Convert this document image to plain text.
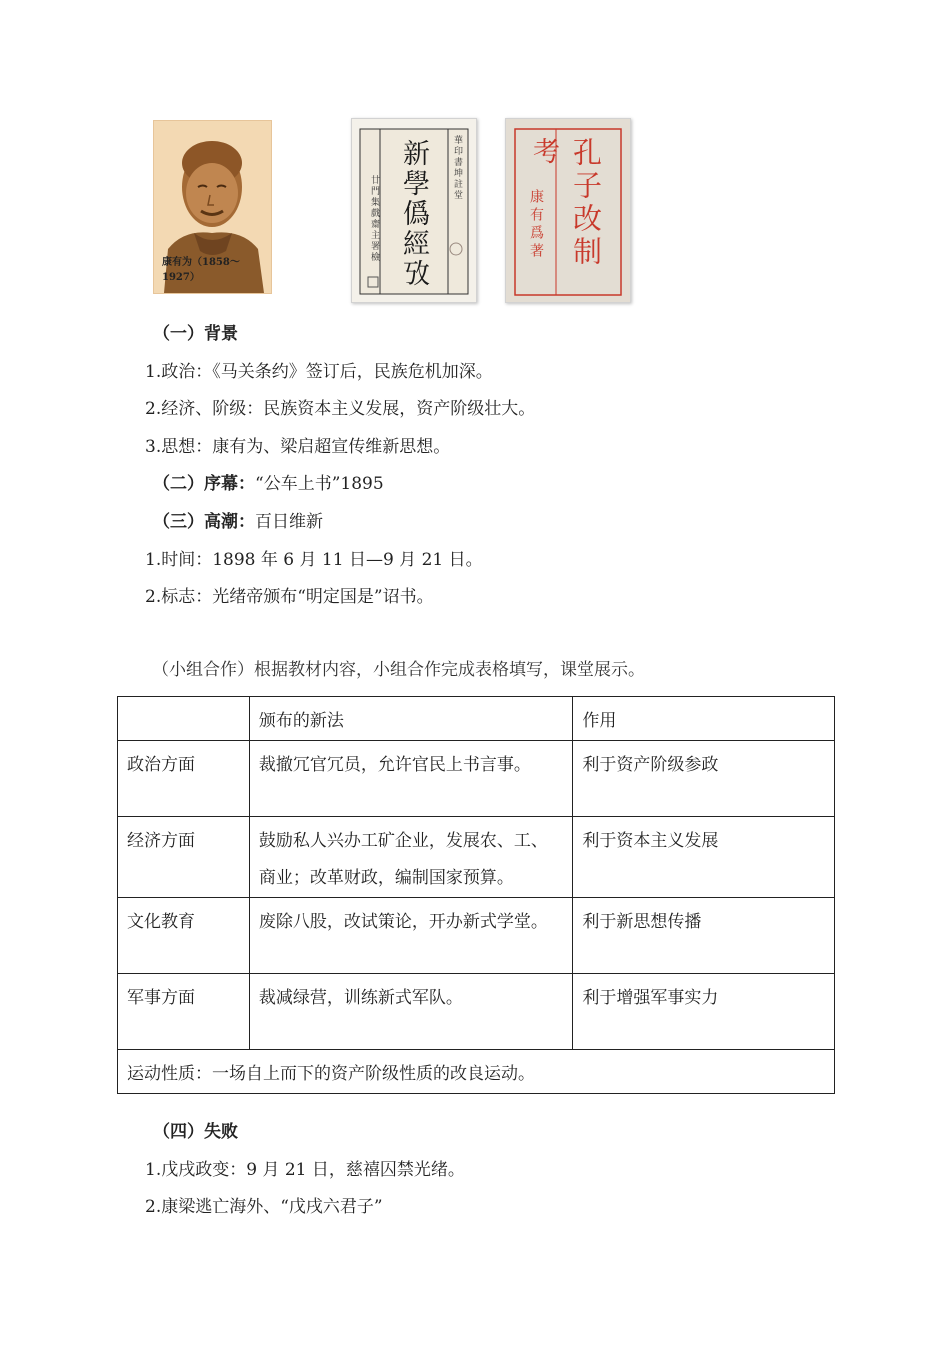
康有为（1858～1927）	新學僞經攷	華印書坤註堂
廿門集戲齋主署檢	孔子改制
考
康有爲著
（一）背景
1.政治：《马关条约》签订后，民族危机加深。
2.经济、阶级：民族资本主义发展，资产阶级壮大。
3.思想：康有为、梁启超宣传维新思想。
（二）序幕：“公车上书”1895
（三）高潮：百日维新
1.时间：1898 年 6 月 11 日—9 月 21 日。
2.标志：光绪帝颁布“明定国是”诏书。
（小组合作）根据教材内容，小组合作完成表格填写，课堂展示。
	颁布的新法	作用
政治方面	裁撤冗官冗员，允许官民上书言事。	利于资产阶级参政
经济方面	鼓励私人兴办工矿企业，发展农、工、商业；改革财政，编制国家预算。	利于资本主义发展
文化教育	废除八股，改试策论，开办新式学堂。	利于新思想传播
军事方面	裁减绿营，训练新式军队。	利于增强军事实力
运动性质：一场自上而下的资产阶级性质的改良运动。		
（四）失败
1.戊戌政变：9 月 21 日，慈禧囚禁光绪。
2.康梁逃亡海外、“戊戌六君子”
